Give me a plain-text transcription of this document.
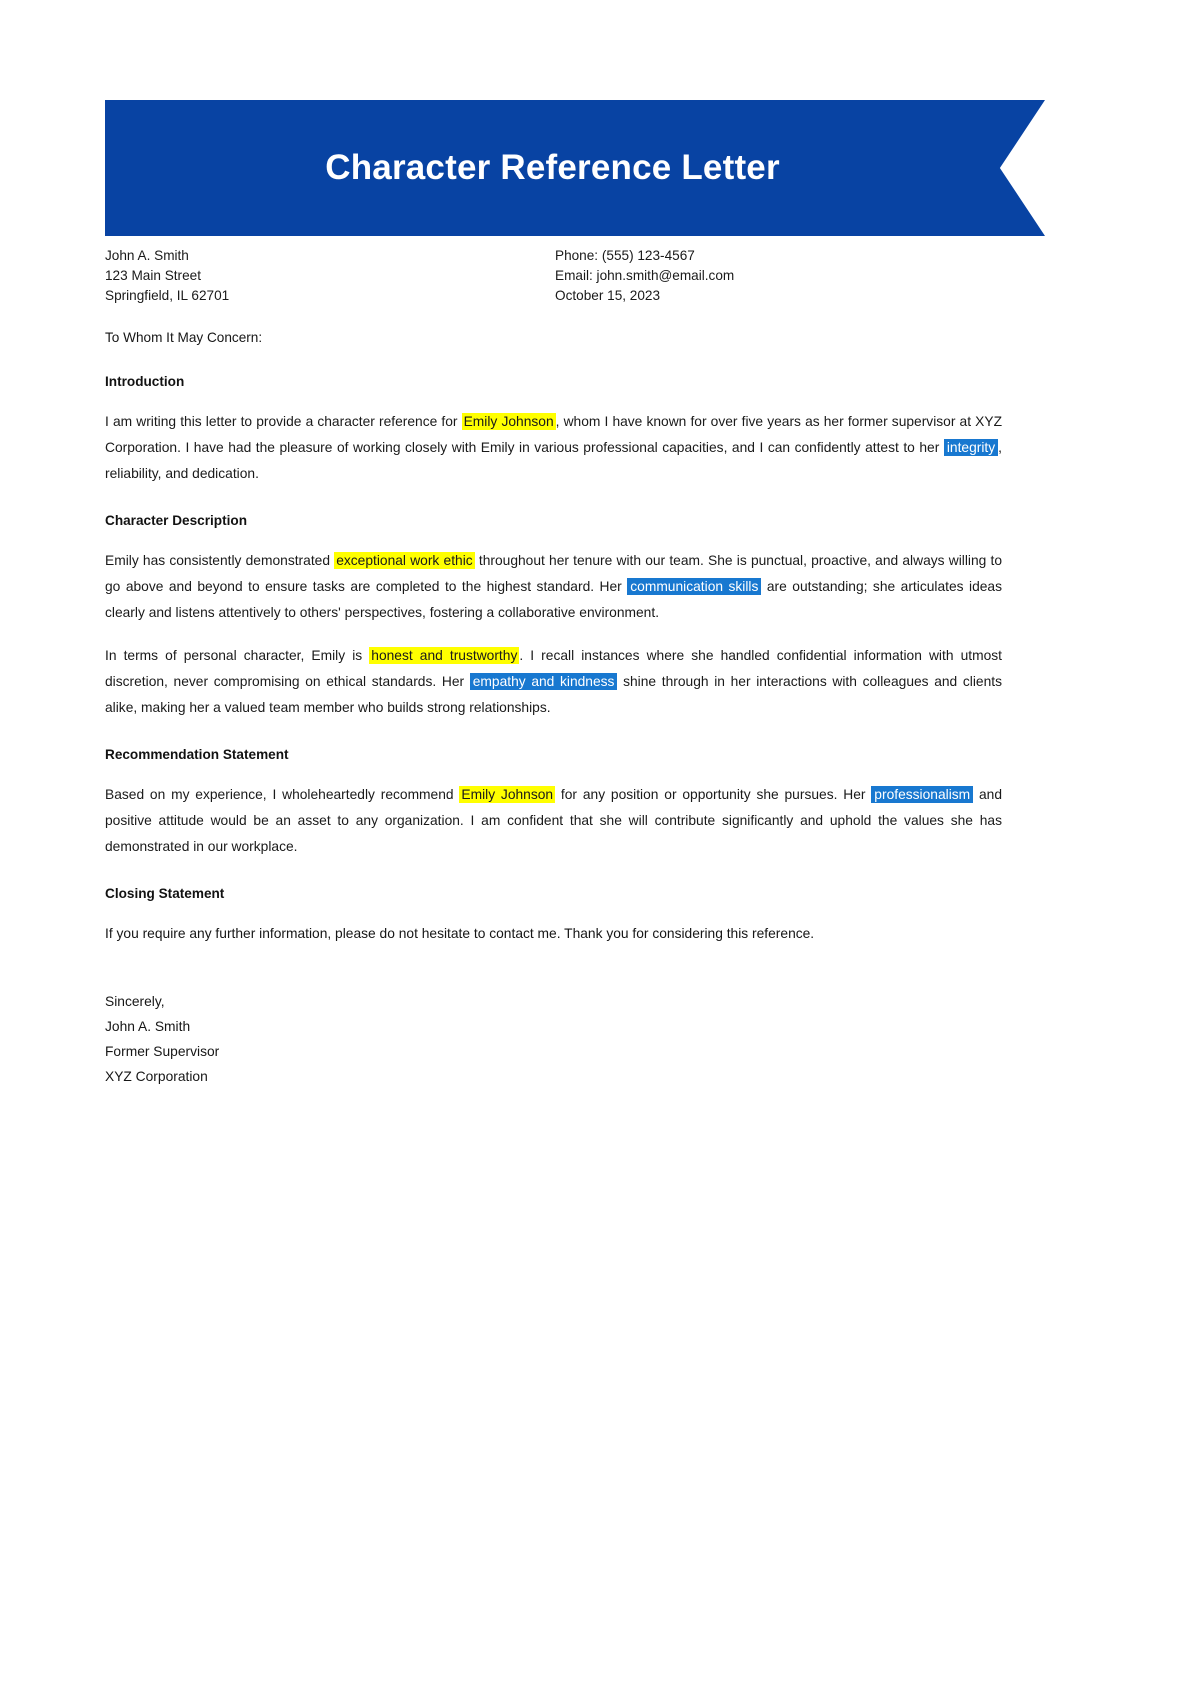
Character Reference Letter
John A. Smith
123 Main Street
Springfield, IL 62701
Phone: (555) 123-4567
Email: john.smith@email.com
October 15, 2023
To Whom It May Concern:
Introduction

I am writing this letter to provide a character reference for Emily Johnson , whom I have known for over five years as her former supervisor at XYZ Corporation. I have had the pleasure of working closely with Emily in various professional capacities, and I can confidently attest to her integrity , reliability, and dedication.

Character Description

Emily has consistently demonstrated exceptional work ethic throughout her tenure with our team. She is punctual, proactive, and always willing to go above and beyond to ensure tasks are completed to the highest standard. Her communication skills are outstanding; she articulates ideas clearly and listens attentively to others' perspectives, fostering a collaborative environment.

In terms of personal character, Emily is honest and trustworthy . I recall instances where she handled confidential information with utmost discretion, never compromising on ethical standards. Her empathy and kindness shine through in her interactions with colleagues and clients alike, making her a valued team member who builds strong relationships.

Recommendation Statement

Based on my experience, I wholeheartedly recommend Emily Johnson for any position or opportunity she pursues. Her professionalism and positive attitude would be an asset to any organization. I am confident that she will contribute significantly and uphold the values she has demonstrated in our workplace.

Closing Statement

If you require any further information, please do not hesitate to contact me. Thank you for considering this reference.

Sincerely,
John A. Smith
Former Supervisor
XYZ Corporation
